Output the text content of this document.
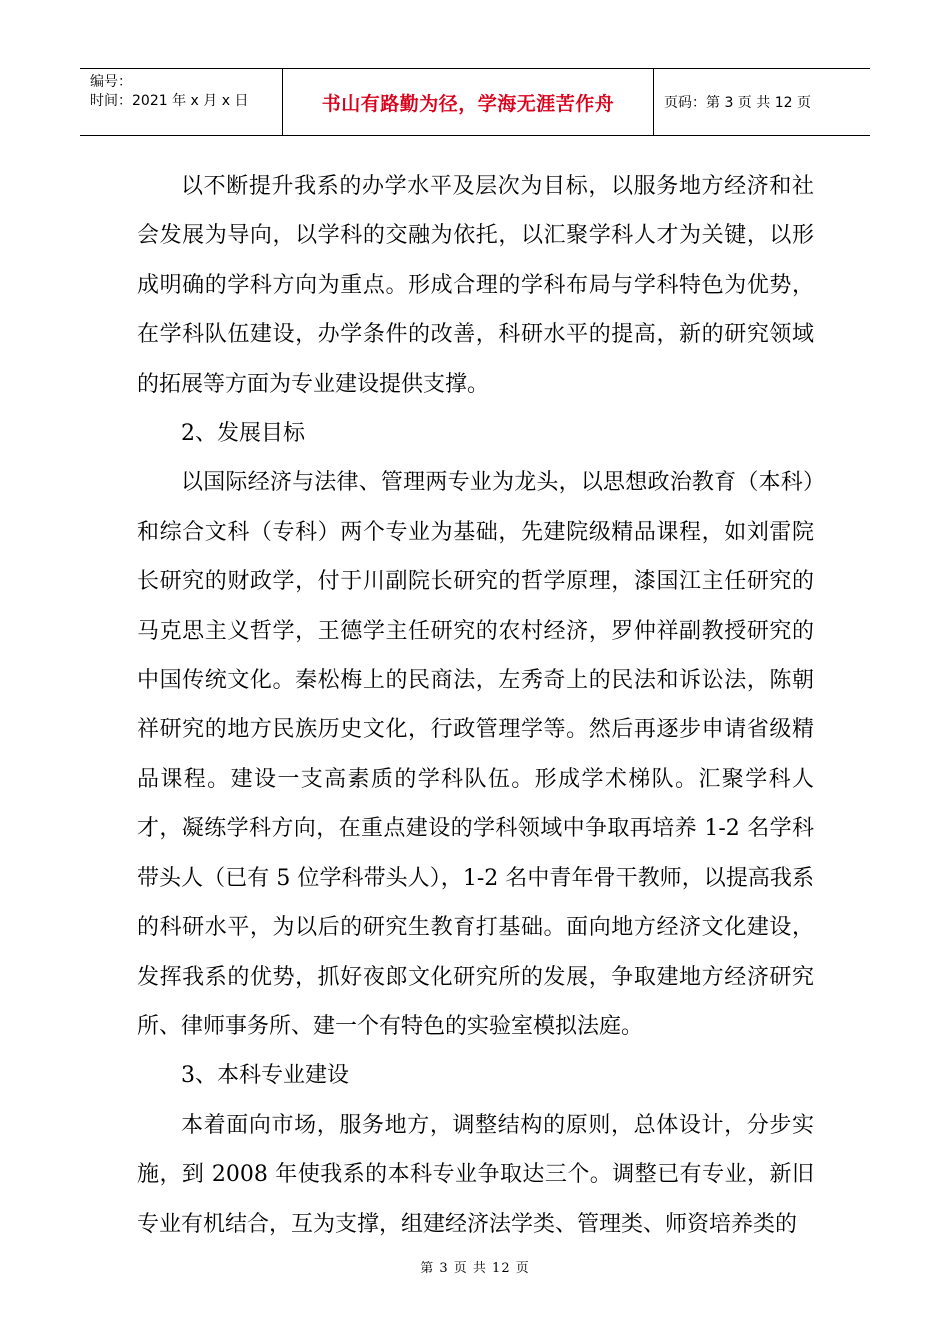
编号：
时间：2021 年 x 月 x 日	书山有路勤为径，学海无涯苦作舟	页码：第 3 页 共 12 页

以不断提升我系的办学水平及层次为目标，以服务地方经济和社会发展为导向，以学科的交融为依托，以汇聚学科人才为关键，以形成明确的学科方向为重点。形成合理的学科布局与学科特色为优势，在学科队伍建设，办学条件的改善，科研水平的提高，新的研究领域的拓展等方面为专业建设提供支撑。

2、发展目标

以国际经济与法律、管理两专业为龙头，以思想政治教育（本科）和综合文科（专科）两个专业为基础，先建院级精品课程，如刘雷院长研究的财政学，付于川副院长研究的哲学原理，漆国江主任研究的马克思主义哲学，王德学主任研究的农村经济，罗仲祥副教授研究的中国传统文化。秦松梅上的民商法，左秀奇上的民法和诉讼法，陈朝祥研究的地方民族历史文化，行政管理学等。然后再逐步申请省级精品课程。建设一支高素质的学科队伍。形成学术梯队。汇聚学科人才，凝练学科方向，在重点建设的学科领域中争取再培养 1-2 名学科带头人（已有 5 位学科带头人），1-2 名中青年骨干教师，以提高我系的科研水平，为以后的研究生教育打基础。面向地方经济文化建设，发挥我系的优势，抓好夜郎文化研究所的发展，争取建地方经济研究所、律师事务所、建一个有特色的实验室模拟法庭。

3、本科专业建设

本着面向市场，服务地方，调整结构的原则，总体设计，分步实施，到 2008 年使我系的本科专业争取达三个。调整已有专业，新旧专业有机结合，互为支撑，组建经济法学类、管理类、师资培养类的

第 3 页 共 12 页
